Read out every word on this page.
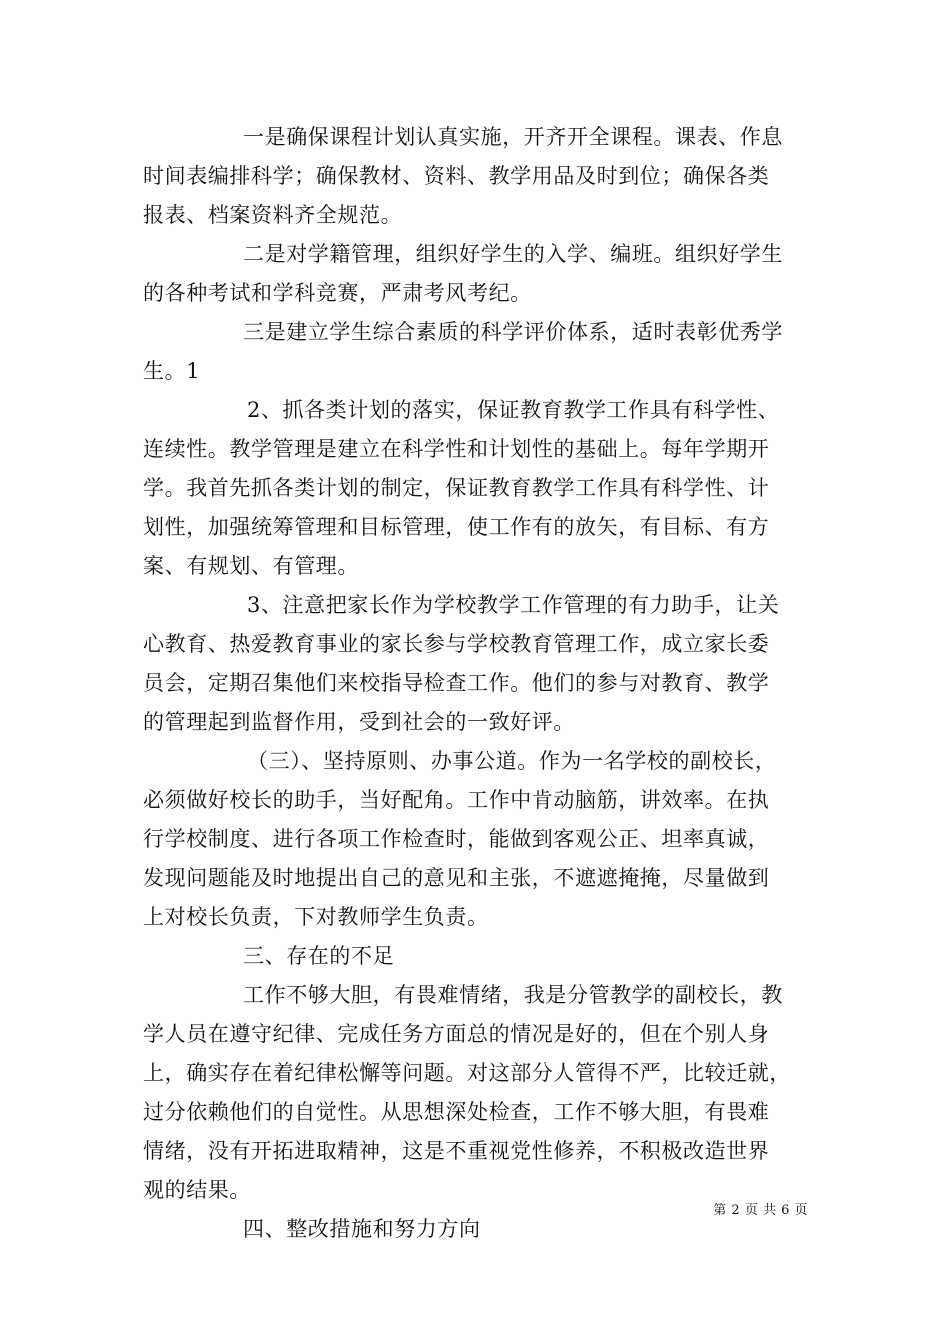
一是确保课程计划认真实施，开齐开全课程。课表、作息
时间表编排科学；确保教材、资料、教学用品及时到位；确保各类
报表、档案资料齐全规范。
二是对学籍管理，组织好学生的入学、编班。组织好学生
的各种考试和学科竞赛，严肃考风考纪。
三是建立学生综合素质的科学评价体系，适时表彰优秀学
生。1
2、抓各类计划的落实，保证教育教学工作具有科学性、
连续性。教学管理是建立在科学性和计划性的基础上。每年学期开
学。我首先抓各类计划的制定，保证教育教学工作具有科学性、计
划性，加强统筹管理和目标管理，使工作有的放矢，有目标、有方
案、有规划、有管理。
3、注意把家长作为学校教学工作管理的有力助手，让关
心教育、热爱教育事业的家长参与学校教育管理工作，成立家长委
员会，定期召集他们来校指导检查工作。他们的参与对教育、教学
的管理起到监督作用，受到社会的一致好评。
（三）、坚持原则、办事公道。作为一名学校的副校长，
必须做好校长的助手，当好配角。工作中肯动脑筋，讲效率。在执
行学校制度、进行各项工作检查时，能做到客观公正、坦率真诚，
发现问题能及时地提出自己的意见和主张，不遮遮掩掩，尽量做到
上对校长负责，下对教师学生负责。
三、存在的不足
工作不够大胆，有畏难情绪，我是分管教学的副校长，教
学人员在遵守纪律、完成任务方面总的情况是好的，但在个别人身
上，确实存在着纪律松懈等问题。对这部分人管得不严，比较迁就，
过分依赖他们的自觉性。从思想深处检查，工作不够大胆，有畏难
情绪，没有开拓进取精神，这是不重视党性修养，不积极改造世界
观的结果。
四、整改措施和努力方向
第 2 页 共 6 页
